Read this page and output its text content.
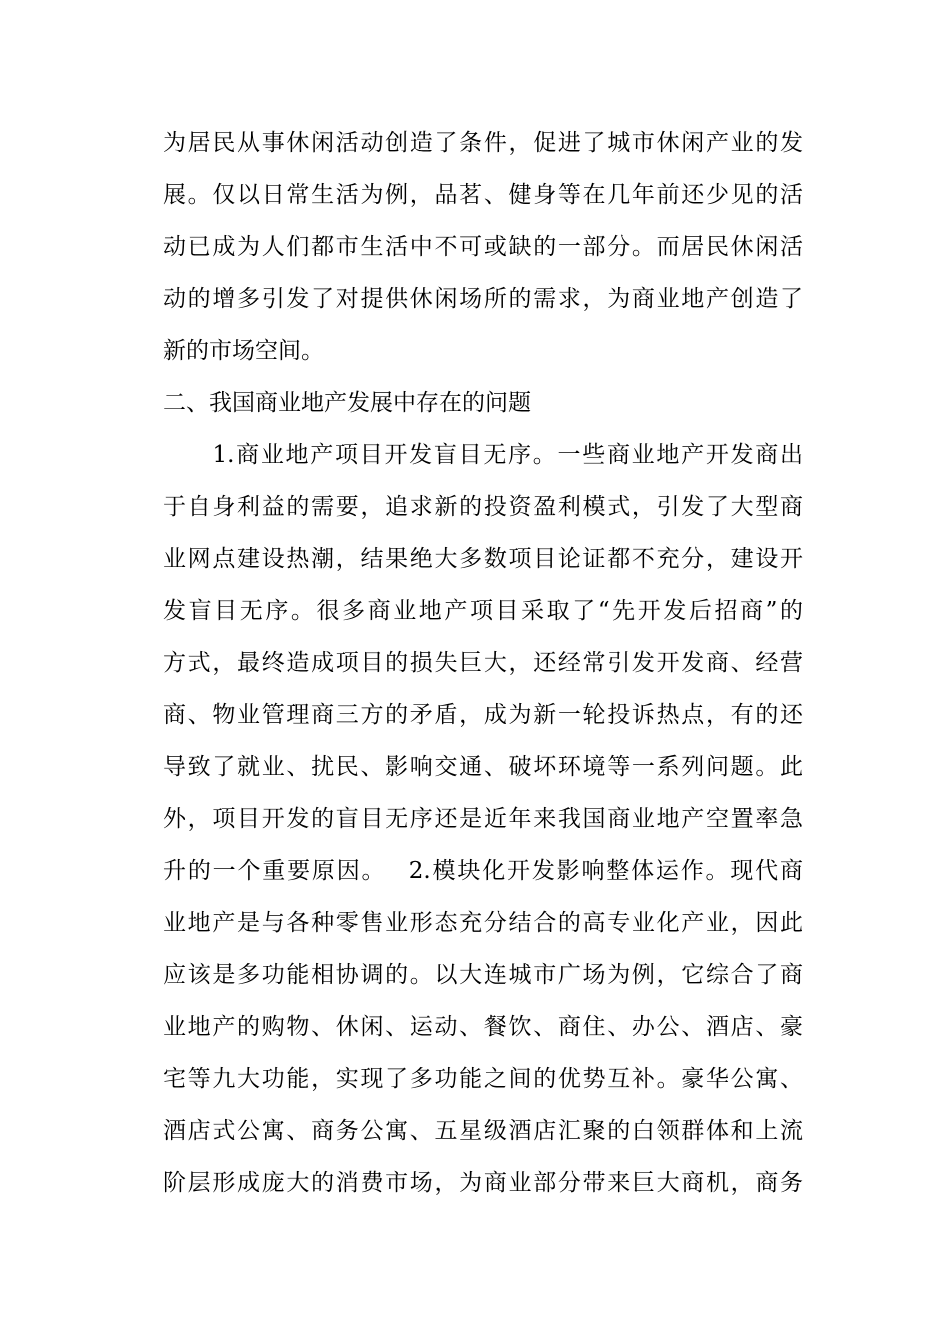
为居民从事休闲活动创造了条件，促进了城市休闲产业的发
展。仅以日常生活为例，品茗、健身等在几年前还少见的活
动已成为人们都市生活中不可或缺的一部分。而居民休闲活
动的增多引发了对提供休闲场所的需求，为商业地产创造了
新的市场空间。
二、我国商业地产发展中存在的问题
　　1.商业地产项目开发盲目无序。一些商业地产开发商出
于自身利益的需要，追求新的投资盈利模式，引发了大型商
业网点建设热潮，结果绝大多数项目论证都不充分，建设开
发盲目无序。很多商业地产项目采取了“先开发后招商”的
方式，最终造成项目的损失巨大，还经常引发开发商、经营
商、物业管理商三方的矛盾，成为新一轮投诉热点，有的还
导致了就业、扰民、影响交通、破坏环境等一系列问题。此
外，项目开发的盲目无序还是近年来我国商业地产空置率急
升的一个重要原因。　 2.模块化开发影响整体运作。现代商
业地产是与各种零售业形态充分结合的高专业化产业，因此
应该是多功能相协调的。以大连城市广场为例，它综合了商
业地产的购物、休闲、运动、餐饮、商住、办公、酒店、豪
宅等九大功能，实现了多功能之间的优势互补。豪华公寓、
酒店式公寓、商务公寓、五星级酒店汇聚的白领群体和上流
阶层形成庞大的消费市场，为商业部分带来巨大商机，商务
